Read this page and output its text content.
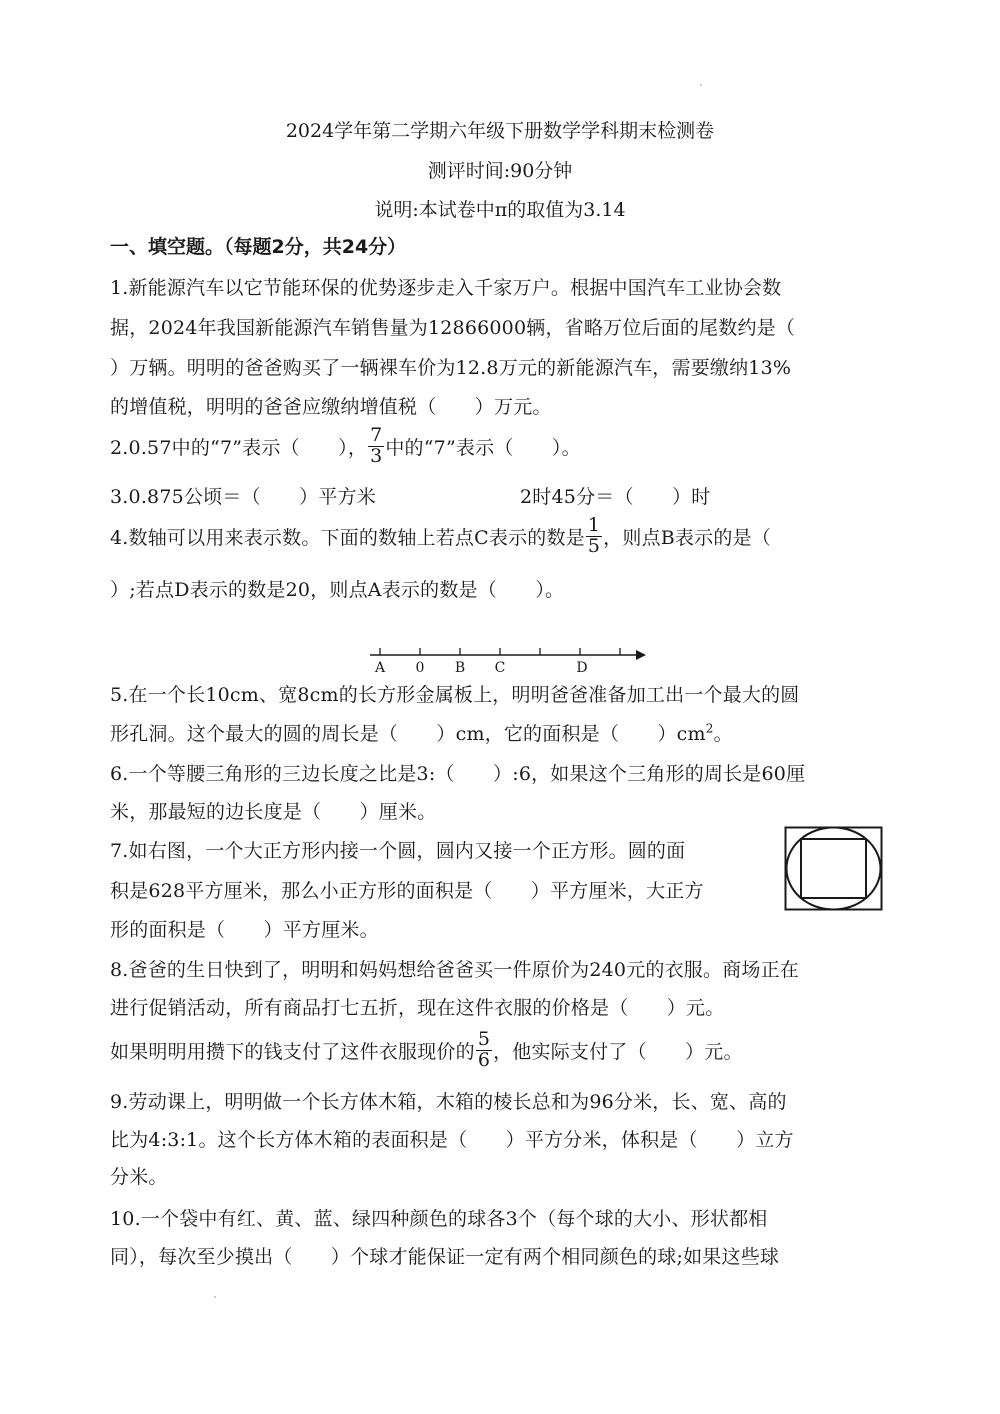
2024学年第二学期六年级下册数学学科期末检测卷
测评时间:90分钟
说明:本试卷中π的取值为3.14
一、填空题。（每题2分，共24分）
1.新能源汽车以它节能环保的优势逐步走入千家万户。根据中国汽车工业协会数
据，2024年我国新能源汽车销售量为12866000辆，省略万位后面的尾数约是（
）万辆。明明的爸爸购买了一辆裸车价为12.8万元的新能源汽车，需要缴纳13%
的增值税，明明的爸爸应缴纳增值税（　　）万元。
2.0.57中的“7”表示（　　）， $\frac{7}{3}$ 中的“7”表示（　　）。
3.0.875公顷＝（　　）平方米	2时45分＝（　　）时
4.数轴可以用来表示数。下面的数轴上若点C表示的数是 $\frac{1}{5}$ ，则点B表示的是（
）;若点D表示的数是20，则点A表示的数是（　　）。
A 0 B C	D
5.在一个长10cm、宽8cm的长方形金属板上，明明爸爸准备加工出一个最大的圆
形孔洞。这个最大的圆的周长是（　　）cm，它的面积是（　　）$cm^2$。
6.一个等腰三角形的三边长度之比是3:（　　）:6，如果这个三角形的周长是60厘
米，那最短的边长度是（　　）厘米。
7.如右图，一个大正方形内接一个圆，圆内又接一个正方形。圆的面
积是628平方厘米，那么小正方形的面积是（　　）平方厘米，大正方
形的面积是（　　）平方厘米。
8.爸爸的生日快到了，明明和妈妈想给爸爸买一件原价为240元的衣服。商场正在
进行促销活动，所有商品打七五折，现在这件衣服的价格是（　　）元。
如果明明用攒下的钱支付了这件衣服现价的 $\frac{5}{6}$ ，他实际支付了（　　）元。
9.劳动课上，明明做一个长方体木箱，木箱的棱长总和为96分米，长、宽、高的
比为4:3:1。这个长方体木箱的表面积是（　　）平方分米，体积是（　　）立方
分米。
10.一个袋中有红、黄、蓝、绿四种颜色的球各3个（每个球的大小、形状都相
同），每次至少摸出（　　）个球才能保证一定有两个相同颜色的球;如果这些球
